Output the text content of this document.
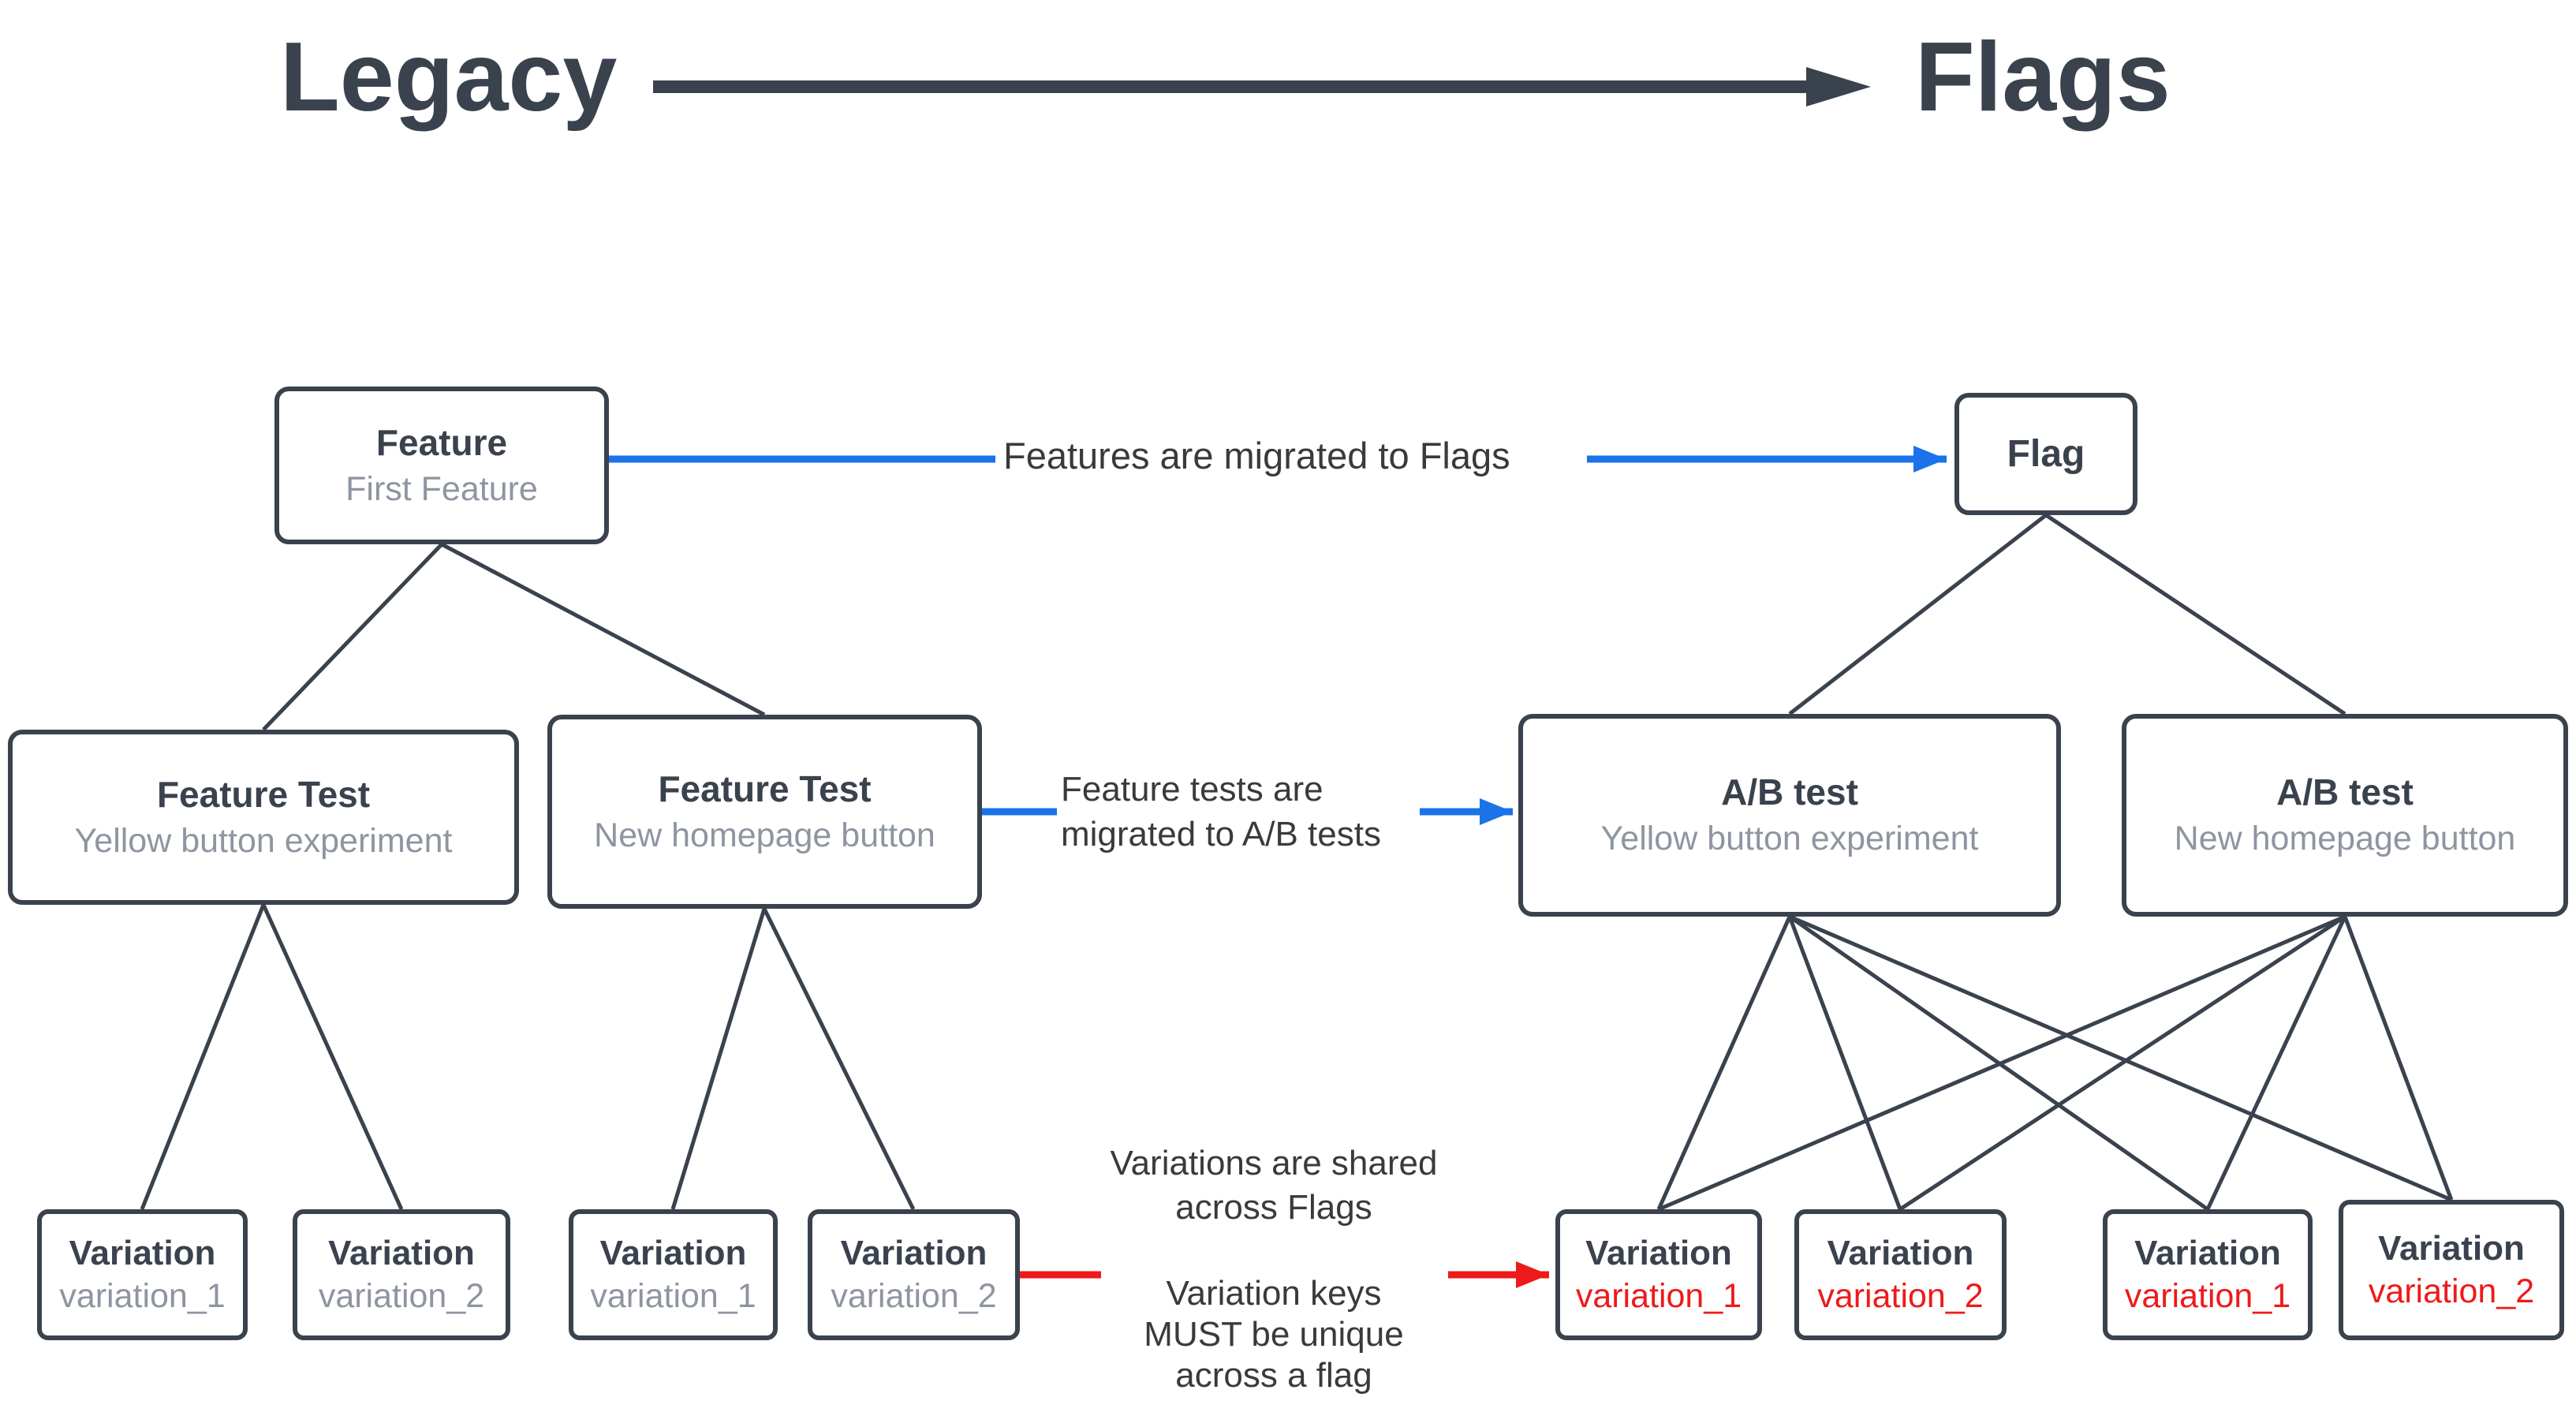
Legacy	Flags
Feature
First Feature
Flag
Feature Test
Yellow button experiment
Feature Test
New homepage button
A/B test
Yellow button experiment
A/B test
New homepage button
Variation
variation_1
Variation
variation_2
Variation
variation_1
Variation
variation_2
Variation
variation_1
Variation
variation_2
Variation
variation_1
Variation
variation_2
Features are migrated to Flags
Feature tests are
migrated to A/B tests
Variations are shared
across Flags
Variation keys
MUST be unique
across a flag
